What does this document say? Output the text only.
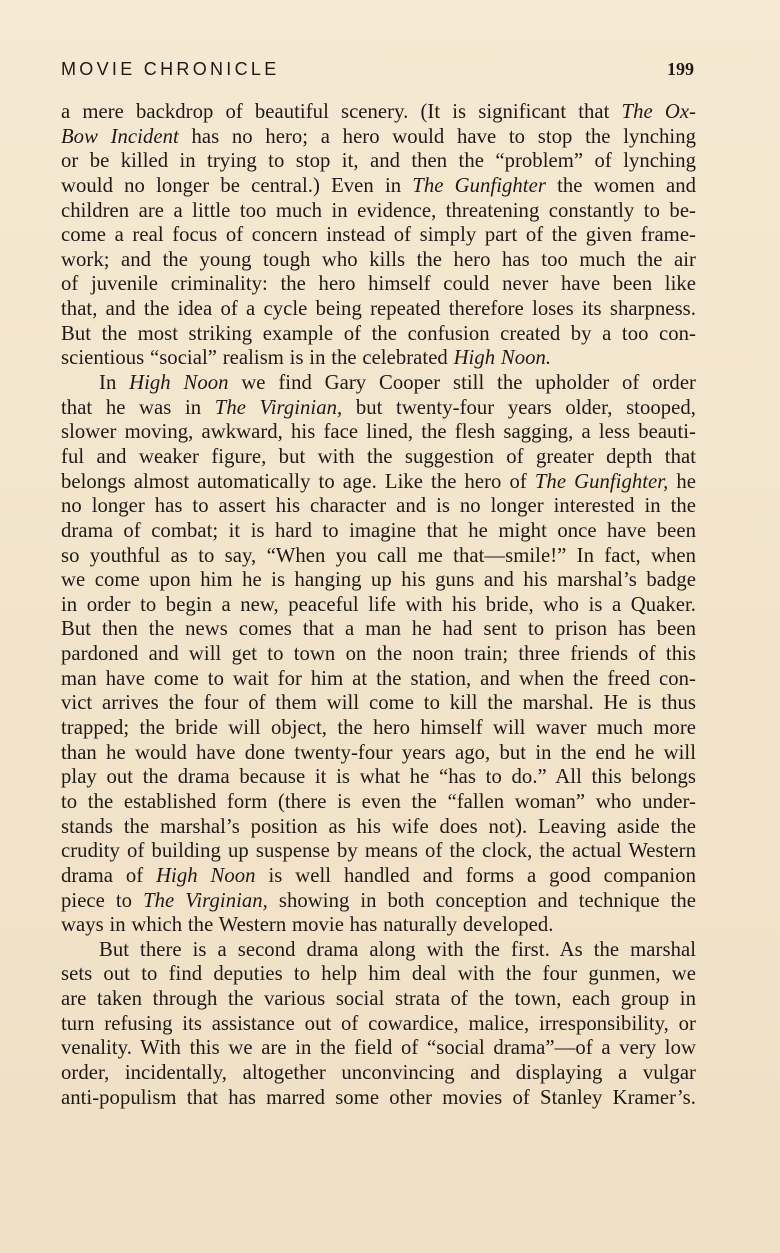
MOVIE CHRONICLE	199
a mere backdrop of beautiful scenery. (It is significant that The Ox-
Bow Incident has no hero; a hero would have to stop the lynching
or be killed in trying to stop it, and then the “problem” of lynching
would no longer be central.) Even in The Gunfighter the women and
children are a little too much in evidence, threatening constantly to be-
come a real focus of concern instead of simply part of the given frame-
work; and the young tough who kills the hero has too much the air
of juvenile criminality: the hero himself could never have been like
that, and the idea of a cycle being repeated therefore loses its sharpness.
But the most striking example of the confusion created by a too con-
scientious “social” realism is in the celebrated High Noon.
In High Noon we find Gary Cooper still the upholder of order
that he was in The Virginian, but twenty-four years older, stooped,
slower moving, awkward, his face lined, the flesh sagging, a less beauti-
ful and weaker figure, but with the suggestion of greater depth that
belongs almost automatically to age. Like the hero of The Gunfighter, he
no longer has to assert his character and is no longer interested in the
drama of combat; it is hard to imagine that he might once have been
so youthful as to say, “When you call me that—smile!” In fact, when
we come upon him he is hanging up his guns and his marshal’s badge
in order to begin a new, peaceful life with his bride, who is a Quaker.
But then the news comes that a man he had sent to prison has been
pardoned and will get to town on the noon train; three friends of this
man have come to wait for him at the station, and when the freed con-
vict arrives the four of them will come to kill the marshal. He is thus
trapped; the bride will object, the hero himself will waver much more
than he would have done twenty-four years ago, but in the end he will
play out the drama because it is what he “has to do.” All this belongs
to the established form (there is even the “fallen woman” who under-
stands the marshal’s position as his wife does not). Leaving aside the
crudity of building up suspense by means of the clock, the actual Western
drama of High Noon is well handled and forms a good companion
piece to The Virginian, showing in both conception and technique the
ways in which the Western movie has naturally developed.
But there is a second drama along with the first. As the marshal
sets out to find deputies to help him deal with the four gunmen, we
are taken through the various social strata of the town, each group in
turn refusing its assistance out of cowardice, malice, irresponsibility, or
venality. With this we are in the field of “social drama”—of a very low
order, incidentally, altogether unconvincing and displaying a vulgar
anti-populism that has marred some other movies of Stanley Kramer’s.
